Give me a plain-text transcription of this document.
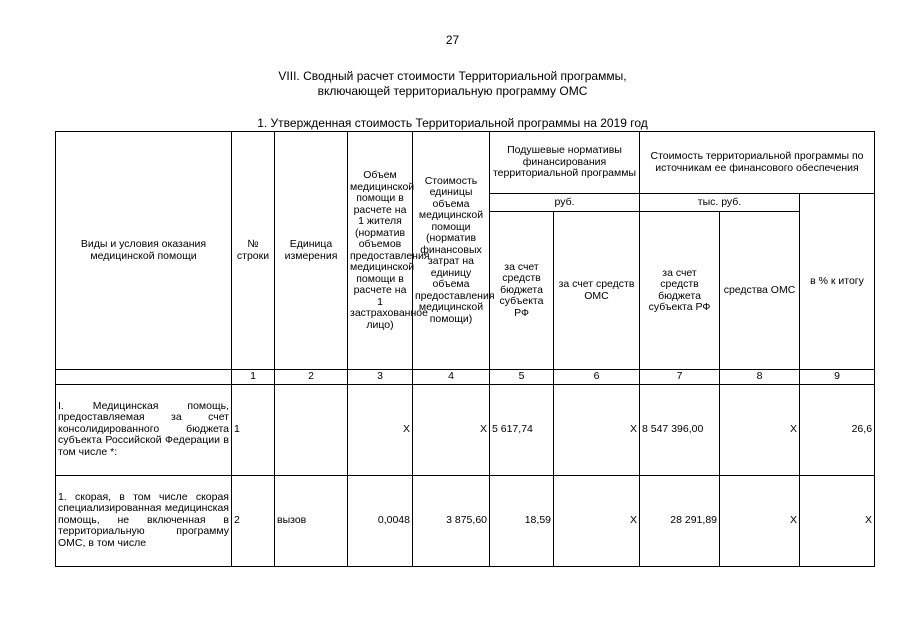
27
VIII. Сводный расчет стоимости Территориальной программы,
включающей территориальную программу ОМС
1. Утвержденная стоимость Территориальной программы на 2019 год
Виды и условия оказания медицинской помощи	№ строки	Единица измерения	Объем медицинской помощи в расчете на 1 жителя (норматив объемов предоставления медицинской помощи в расчете на 1 застрахованное лицо)	Стоимость единицы объема медицинской помощи (норматив финансовых затрат на единицу объема предоставления медицинской помощи)	Подушевые нормативы финансирования территориальной программы		Стоимость территориальной программы по источникам ее финансового обеспечения		
					руб.		тыс. руб.		в % к итогу
					за счет средств бюджета субъекта РФ	за счет средств ОМС	за счет средств бюджета субъекта РФ	средства ОМС	
	1	2	3	4	5	6	7	8	9
I. Медицинская помощь, предоставляемая за счет консолидированного бюджета субъекта Российской Федерации в том числе *:	1		X	X	5 617,74	X	8 547 396,00	X	26,6
1. скорая, в том числе скорая специализированная медицинская помощь, не включенная в территориальную программу ОМС, в том числе	2	вызов	0,0048	3 875,60	18,59	X	28 291,89	X	X
